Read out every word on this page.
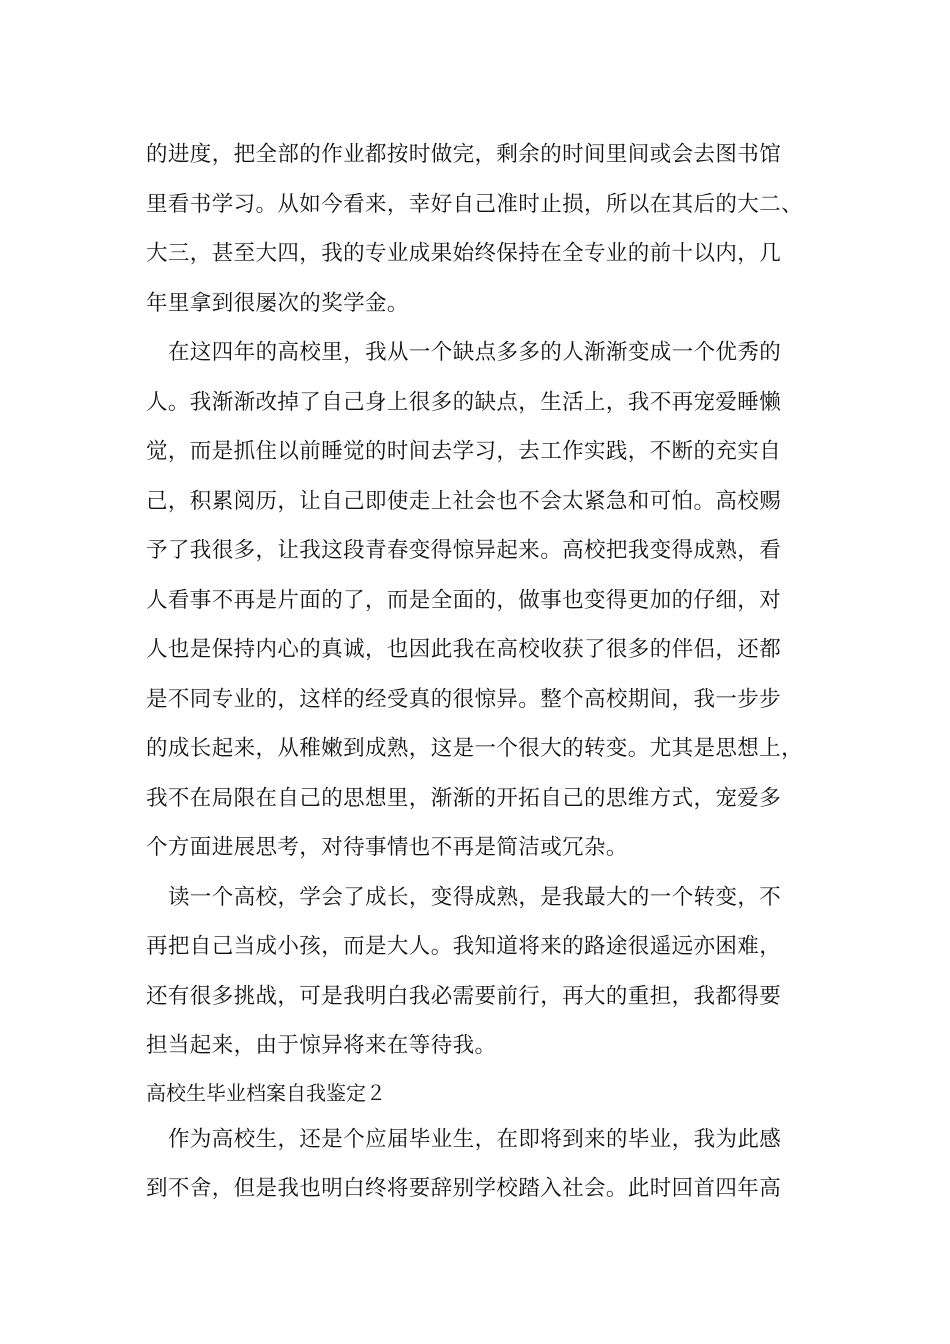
的进度，把全部的作业都按时做完，剩余的时间里间或会去图书馆
里看书学习。从如今看来，幸好自己准时止损，所以在其后的大二、
大三，甚至大四，我的专业成果始终保持在全专业的前十以内，几
年里拿到很屡次的奖学金。
在这四年的高校里，我从一个缺点多多的人渐渐变成一个优秀的
人。我渐渐改掉了自己身上很多的缺点，生活上，我不再宠爱睡懒
觉，而是抓住以前睡觉的时间去学习，去工作实践，不断的充实自
己，积累阅历，让自己即使走上社会也不会太紧急和可怕。高校赐
予了我很多，让我这段青春变得惊异起来。高校把我变得成熟，看
人看事不再是片面的了，而是全面的，做事也变得更加的仔细，对
人也是保持内心的真诚，也因此我在高校收获了很多的伴侣，还都
是不同专业的，这样的经受真的很惊异。整个高校期间，我一步步
的成长起来，从稚嫩到成熟，这是一个很大的转变。尤其是思想上，
我不在局限在自己的思想里，渐渐的开拓自己的思维方式，宠爱多
个方面进展思考，对待事情也不再是简洁或冗杂。
读一个高校，学会了成长，变得成熟，是我最大的一个转变，不
再把自己当成小孩，而是大人。我知道将来的路途很遥远亦困难，
还有很多挑战，可是我明白我必需要前行，再大的重担，我都得要
担当起来，由于惊异将来在等待我。
高校生毕业档案自我鉴定２
作为高校生，还是个应届毕业生，在即将到来的毕业，我为此感
到不舍，但是我也明白终将要辞别学校踏入社会。此时回首四年高
